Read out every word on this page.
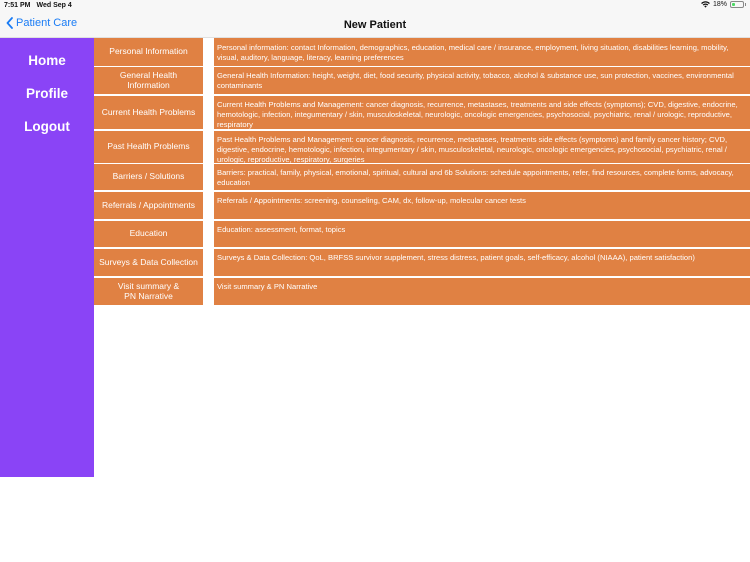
7:51 PM Wed Sep 4	18%
Patient Care	New Patient
Home
Profile
Logout
Personal Information
General Health Information
Current Health Problems
Past Health Problems
Barriers / Solutions
Referrals / Appointments
Education
Surveys & Data Collection
Visit summary &
PN Narrative
Personal information: contact Information, demographics, education, medical care / insurance, employment, living situation, disabilities learning, mobility, visual, auditory, language, literacy, learning preferences
General Health Information: height, weight, diet, food security, physical activity, tobacco, alcohol & substance use, sun protection, vaccines, environmental contaminants
Current Health Problems and Management: cancer diagnosis, recurrence, metastases, treatments and side effects (symptoms); CVD, digestive, endocrine, hemotologic, infection, integumentary / skin, musculoskeletal, neurologic, oncologic emergencies, psychosocial, psychiatric, renal / urologic, reproductive, respiratory
Past Health Problems and Management: cancer diagnosis, recurrence, metastases, treatments side effects (symptoms) and family cancer history; CVD, digestive, endocrine, hemotologic, infection, integumentary / skin, musculoskeletal, neurologic, oncologic emergencies, psychosocial, psychiatric, renal / urologic, reproductive, respiratory, surgeries
Barriers: practical, family, physical, emotional, spiritual, cultural and 6b Solutions: schedule appointments, refer, find resources, complete forms, advocacy, education
Referrals / Appointments: screening, counseling, CAM, dx, follow-up, molecular cancer tests
Education: assessment, format, topics
Surveys & Data Collection: QoL, BRFSS survivor supplement, stress distress, patient goals, self-efficacy, alcohol (NIAAA), patient satisfaction)
Visit summary & PN Narrative
